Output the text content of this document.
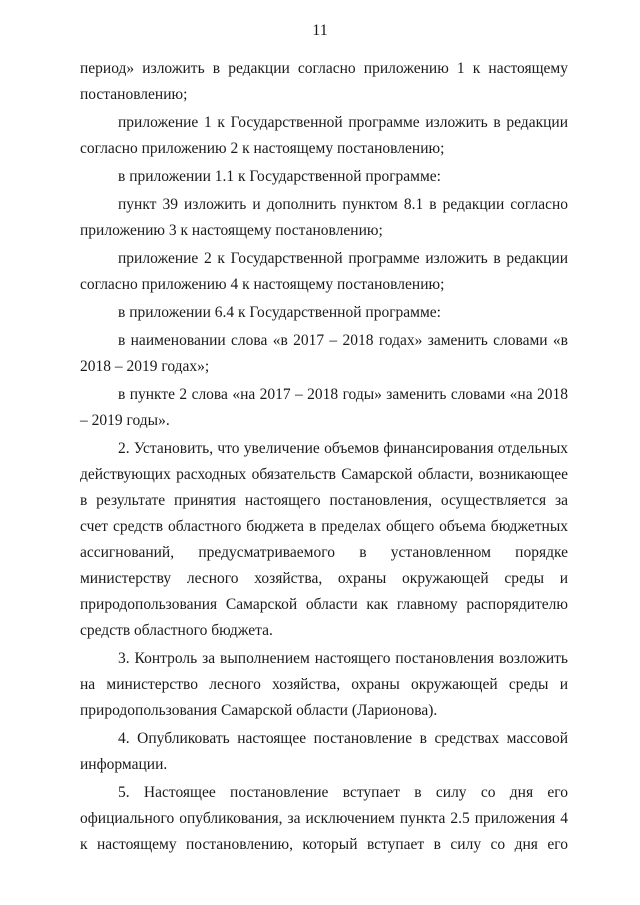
11

период» изложить в редакции согласно приложению 1 к настоящему постановлению;

приложение 1 к Государственной программе изложить в редакции согласно приложению 2 к настоящему постановлению;

в приложении 1.1 к Государственной программе:

пункт 39 изложить и дополнить пунктом 8.1 в редакции согласно приложению 3 к настоящему постановлению;

приложение 2 к Государственной программе изложить в редакции согласно приложению 4 к настоящему постановлению;

в приложении 6.4 к Государственной программе:

в наименовании слова «в 2017 – 2018 годах» заменить словами «в 2018 – 2019 годах»;

в пункте 2 слова «на 2017 – 2018 годы» заменить словами «на 2018 – 2019 годы».

2. Установить, что увеличение объемов финансирования отдельных действующих расходных обязательств Самарской области, возникающее в результате принятия настоящего постановления, осуществляется за счет средств областного бюджета в пределах общего объема бюджетных ассигнований, предусматриваемого в установленном порядке министерству лесного хозяйства, охраны окружающей среды и природопользования Самарской области как главному распорядителю средств областного бюджета.

3. Контроль за выполнением настоящего постановления возложить на министерство лесного хозяйства, охраны окружающей среды и природопользования Самарской области (Ларионова).

4. Опубликовать настоящее постановление в средствах массовой информации.

5. Настоящее постановление вступает в силу со дня его официального опубликования, за исключением пункта 2.5 приложения 4 к настоящему постановлению, который вступает в силу со дня его
